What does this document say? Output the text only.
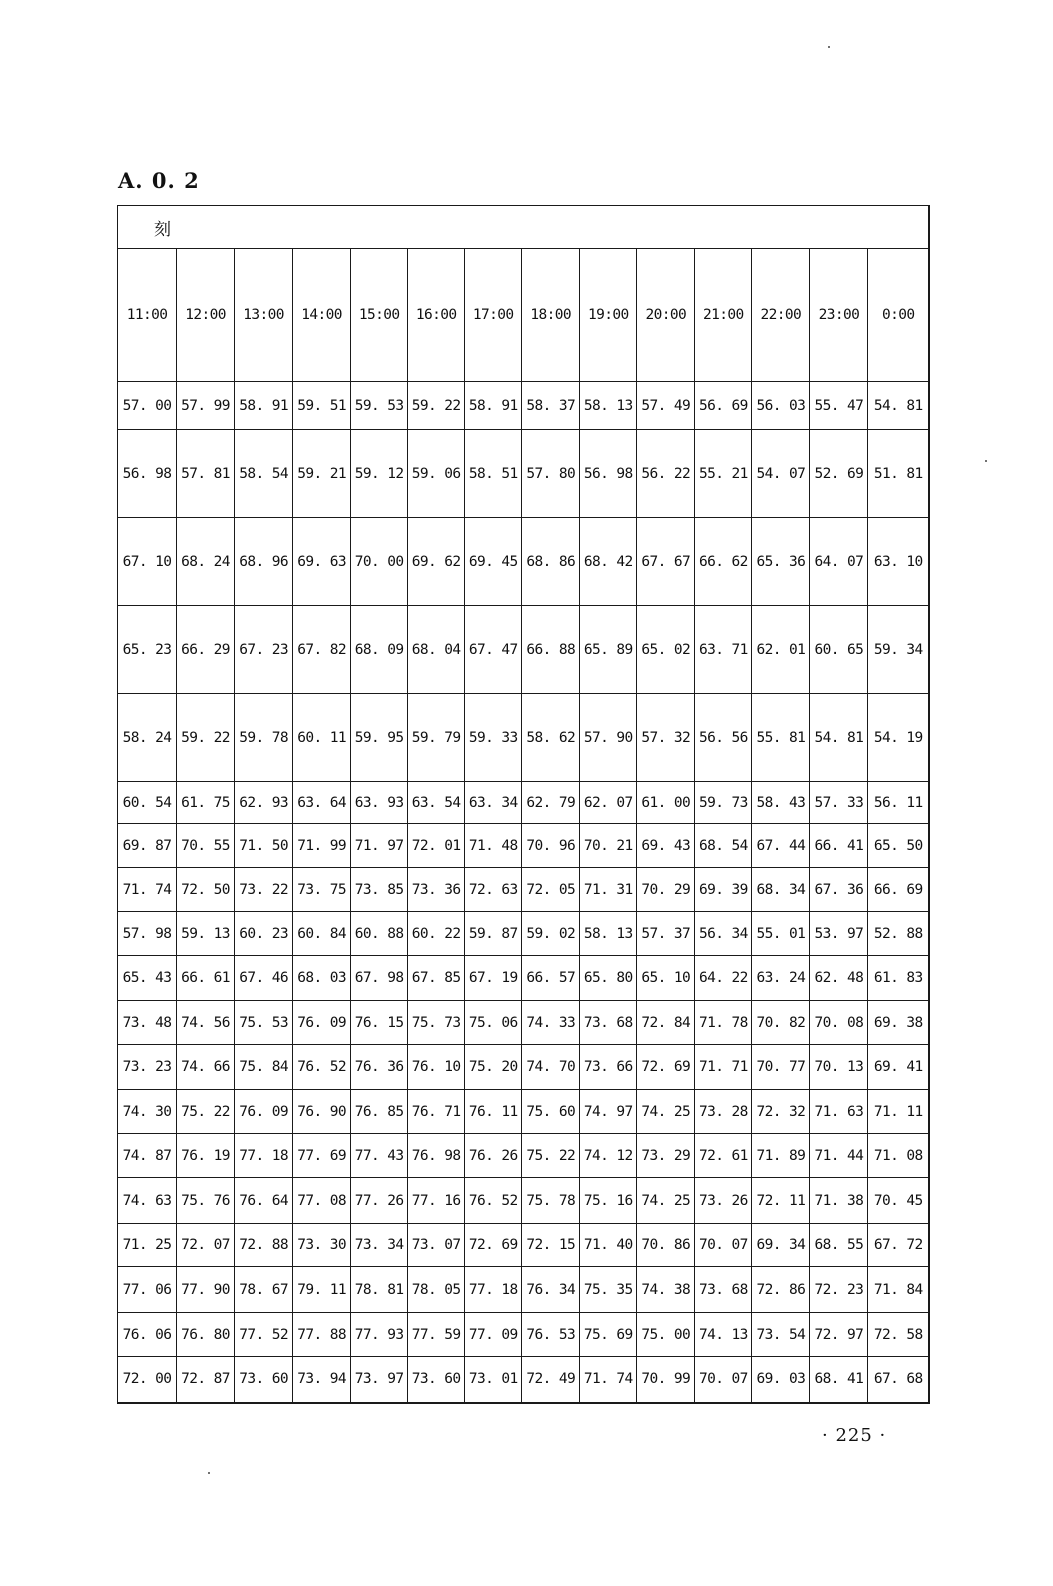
A. 0. 2
刻													
11:00	12:00	13:00	14:00	15:00	16:00	17:00	18:00	19:00	20:00	21:00	22:00	23:00	0:00
57. 00	57. 99	58. 91	59. 51	59. 53	59. 22	58. 91	58. 37	58. 13	57. 49	56. 69	56. 03	55. 47	54. 81
56. 98	57. 81	58. 54	59. 21	59. 12	59. 06	58. 51	57. 80	56. 98	56. 22	55. 21	54. 07	52. 69	51. 81
67. 10	68. 24	68. 96	69. 63	70. 00	69. 62	69. 45	68. 86	68. 42	67. 67	66. 62	65. 36	64. 07	63. 10
65. 23	66. 29	67. 23	67. 82	68. 09	68. 04	67. 47	66. 88	65. 89	65. 02	63. 71	62. 01	60. 65	59. 34
58. 24	59. 22	59. 78	60. 11	59. 95	59. 79	59. 33	58. 62	57. 90	57. 32	56. 56	55. 81	54. 81	54. 19
60. 54	61. 75	62. 93	63. 64	63. 93	63. 54	63. 34	62. 79	62. 07	61. 00	59. 73	58. 43	57. 33	56. 11
69. 87	70. 55	71. 50	71. 99	71. 97	72. 01	71. 48	70. 96	70. 21	69. 43	68. 54	67. 44	66. 41	65. 50
71. 74	72. 50	73. 22	73. 75	73. 85	73. 36	72. 63	72. 05	71. 31	70. 29	69. 39	68. 34	67. 36	66. 69
57. 98	59. 13	60. 23	60. 84	60. 88	60. 22	59. 87	59. 02	58. 13	57. 37	56. 34	55. 01	53. 97	52. 88
65. 43	66. 61	67. 46	68. 03	67. 98	67. 85	67. 19	66. 57	65. 80	65. 10	64. 22	63. 24	62. 48	61. 83
73. 48	74. 56	75. 53	76. 09	76. 15	75. 73	75. 06	74. 33	73. 68	72. 84	71. 78	70. 82	70. 08	69. 38
73. 23	74. 66	75. 84	76. 52	76. 36	76. 10	75. 20	74. 70	73. 66	72. 69	71. 71	70. 77	70. 13	69. 41
74. 30	75. 22	76. 09	76. 90	76. 85	76. 71	76. 11	75. 60	74. 97	74. 25	73. 28	72. 32	71. 63	71. 11
74. 87	76. 19	77. 18	77. 69	77. 43	76. 98	76. 26	75. 22	74. 12	73. 29	72. 61	71. 89	71. 44	71. 08
74. 63	75. 76	76. 64	77. 08	77. 26	77. 16	76. 52	75. 78	75. 16	74. 25	73. 26	72. 11	71. 38	70. 45
71. 25	72. 07	72. 88	73. 30	73. 34	73. 07	72. 69	72. 15	71. 40	70. 86	70. 07	69. 34	68. 55	67. 72
77. 06	77. 90	78. 67	79. 11	78. 81	78. 05	77. 18	76. 34	75. 35	74. 38	73. 68	72. 86	72. 23	71. 84
76. 06	76. 80	77. 52	77. 88	77. 93	77. 59	77. 09	76. 53	75. 69	75. 00	74. 13	73. 54	72. 97	72. 58
72. 00	72. 87	73. 60	73. 94	73. 97	73. 60	73. 01	72. 49	71. 74	70. 99	70. 07	69. 03	68. 41	67. 68
· 225 ·
